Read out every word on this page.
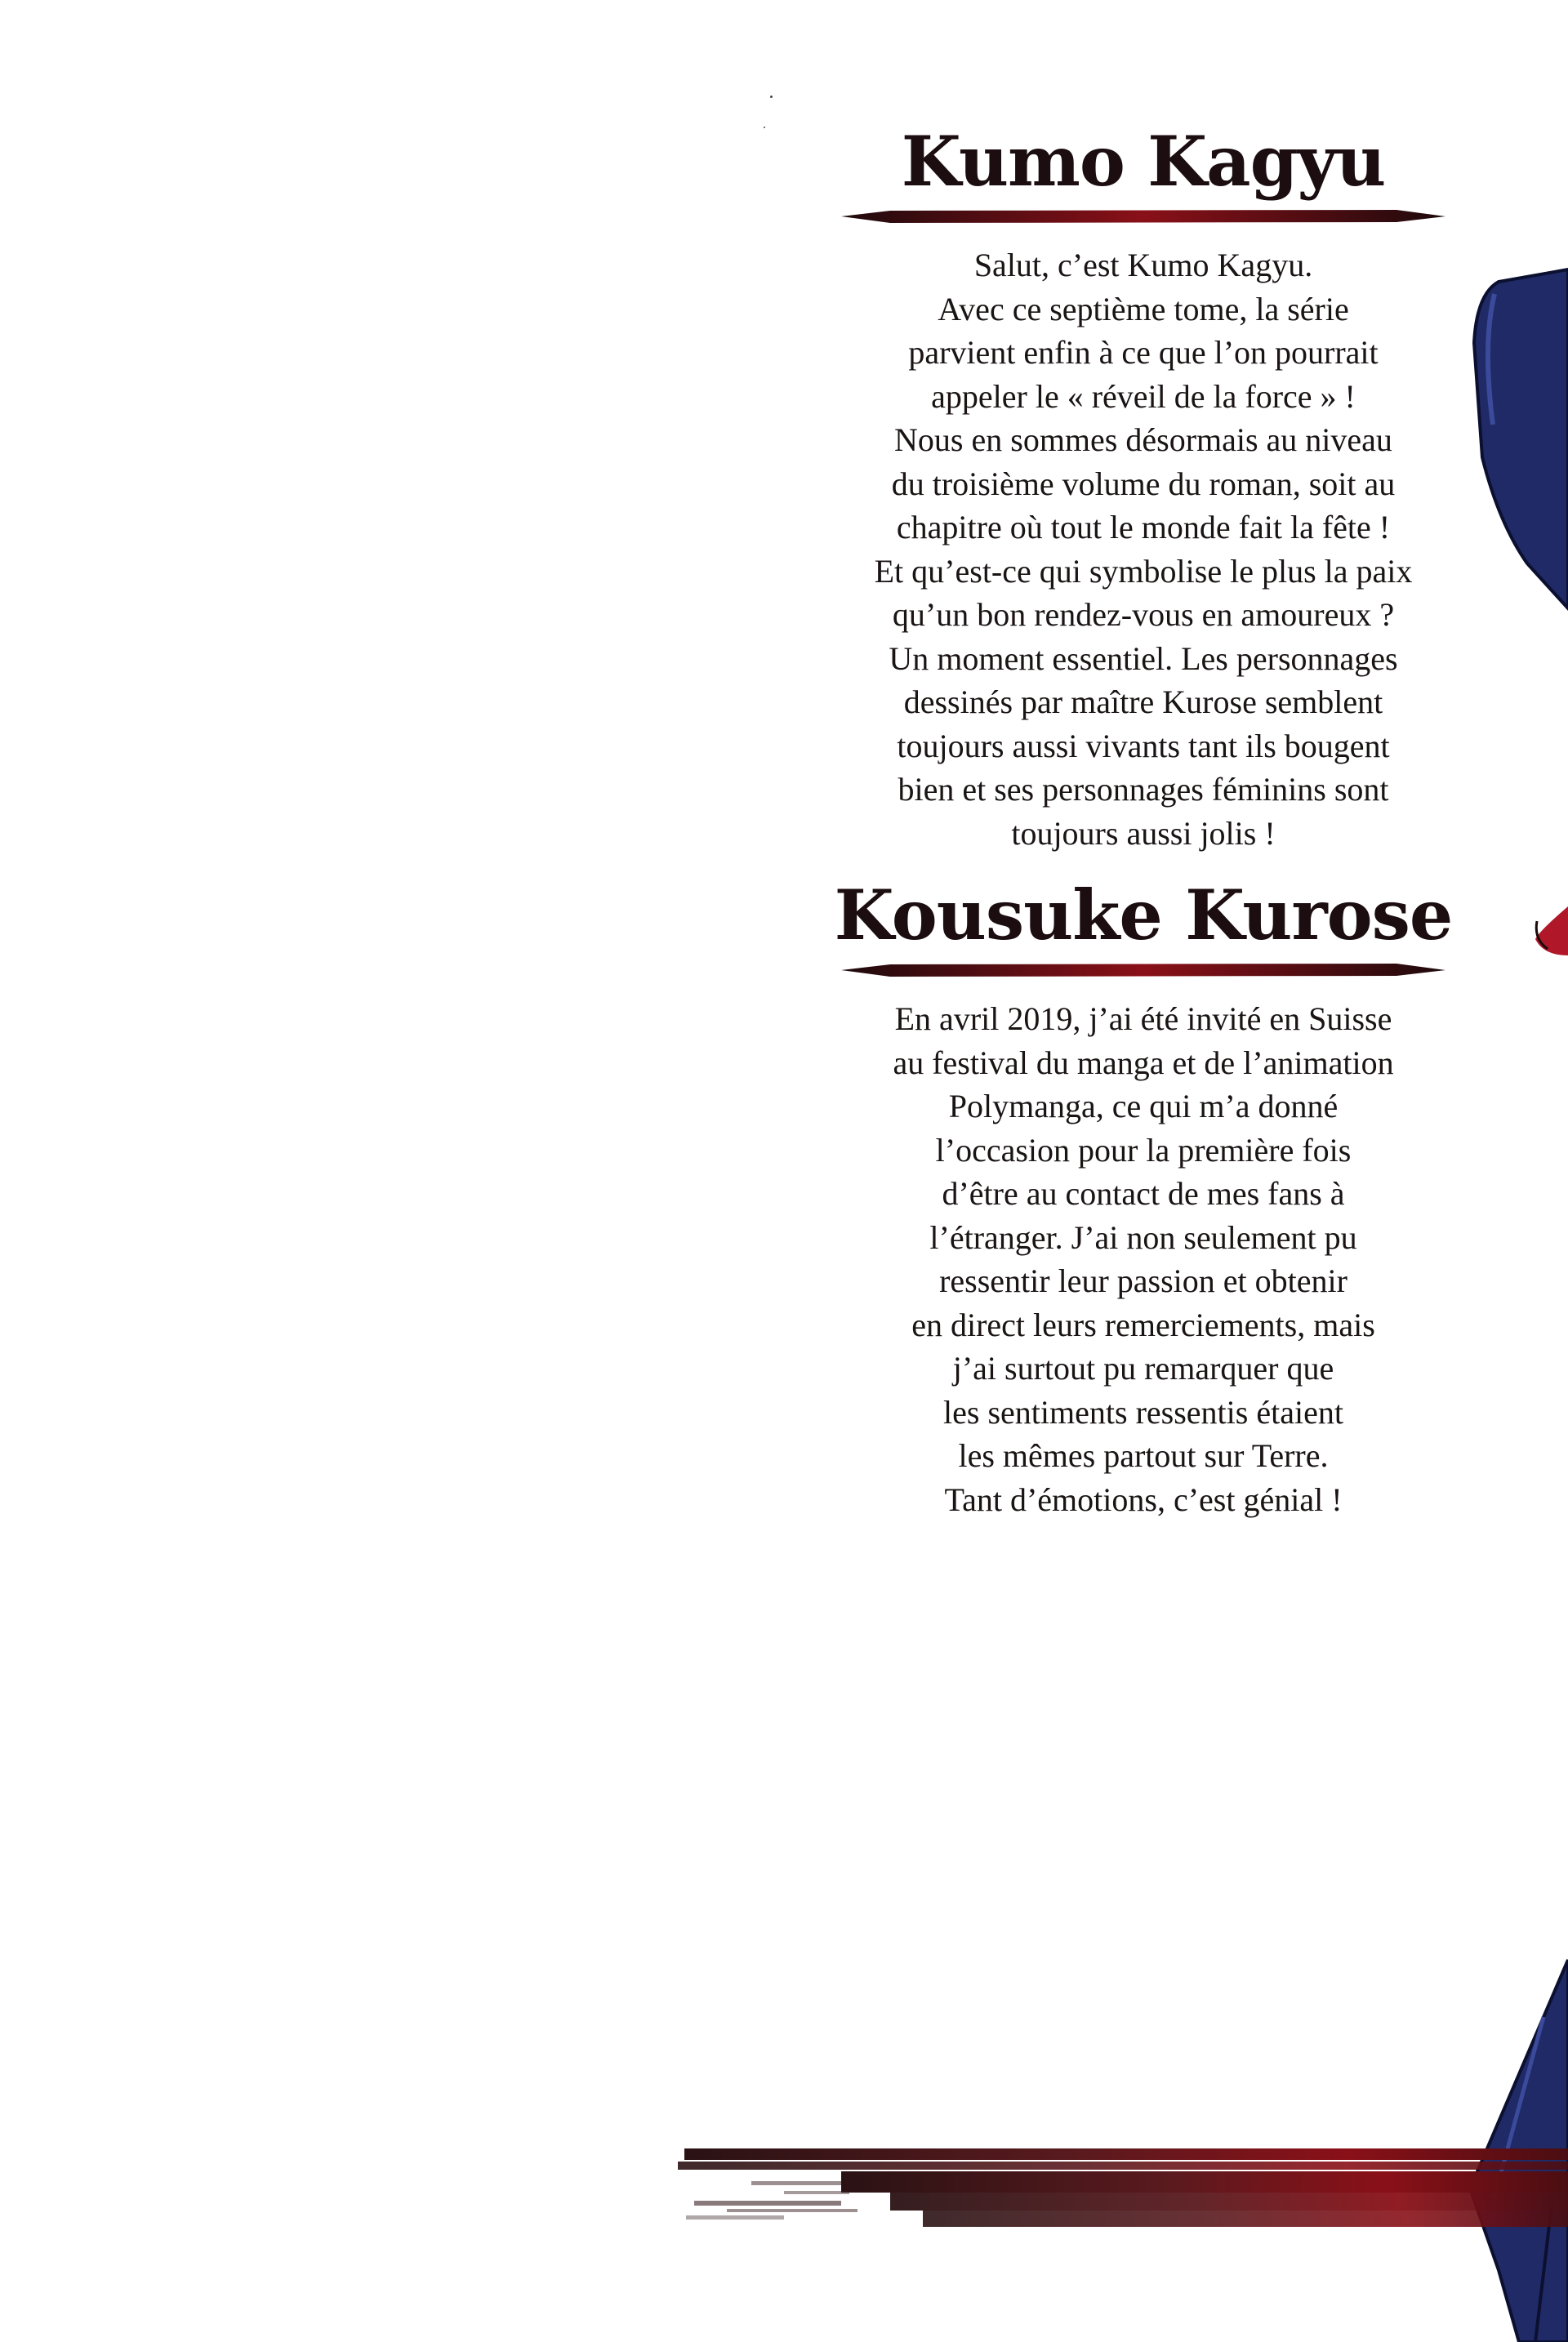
Kumo Kagyu

Salut, c’est Kumo Kagyu.
Avec ce septième tome, la série
parvient enfin à ce que l’on pourrait
appeler le « réveil de la force » !
Nous en sommes désormais au niveau
du troisième volume du roman, soit au
chapitre où tout le monde fait la fête !
Et qu’est-ce qui symbolise le plus la paix
qu’un bon rendez-vous en amoureux ?
Un moment essentiel. Les personnages
dessinés par maître Kurose semblent
toujours aussi vivants tant ils bougent
bien et ses personnages féminins sont
toujours aussi jolis !

Kousuke Kurose

En avril 2019, j’ai été invité en Suisse
au festival du manga et de l’animation
Polymanga, ce qui m’a donné
l’occasion pour la première fois
d’être au contact de mes fans à
l’étranger. J’ai non seulement pu
ressentir leur passion et obtenir
en direct leurs remerciements, mais
j’ai surtout pu remarquer que
les sentiments ressentis étaient
les mêmes partout sur Terre.
Tant d’émotions, c’est génial !
